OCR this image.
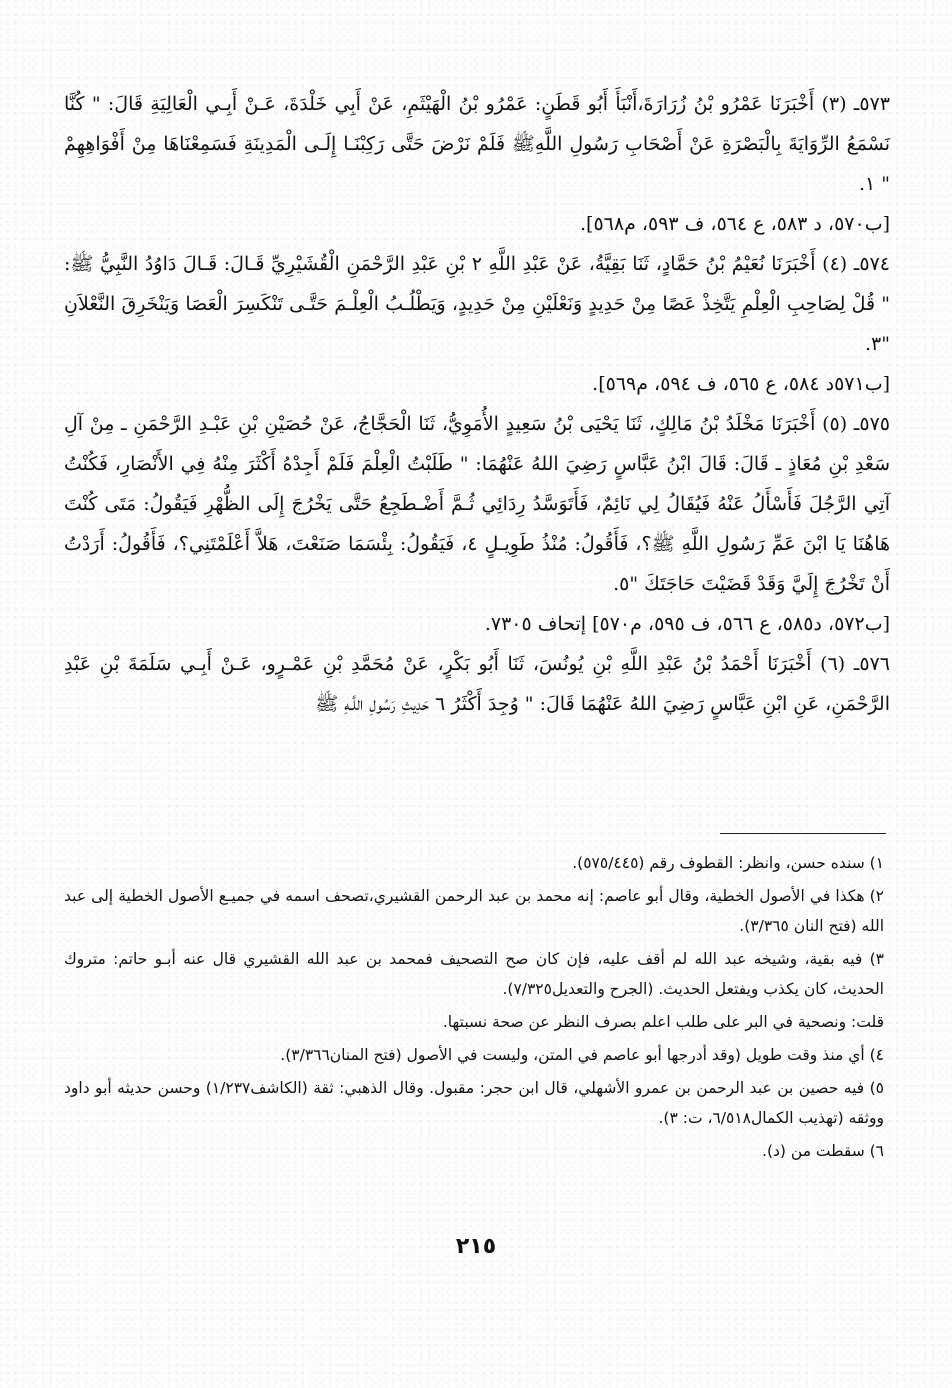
٥٧٣ـ (٣) أَخْبَرَنَا عَمْرُو بْنُ زُرَارَةَ،أَنْبَأَ أَبُو قَطَنٍ: عَمْرُو بْنُ الْهَيْثَمِ، عَنْ أَبِي خَلْدَةَ، عَـنْ أَبِـي الْعَالِيَةِ قَالَ: " كُنَّا نَسْمَعُ الرِّوَايَةَ بِالْبَصْرَةِ عَنْ أَصْحَابِ رَسُولِ اللَّهِﷺ فَلَمْ نَرْضَ حَتَّى رَكِبْنَـا إِلَـى الْمَدِينَةِ فَسَمِعْنَاهَا مِنْ أَفْوَاهِهِمْ " ١.

[ب٥٧٠، د ٥٨٣، ع ٥٦٤، ف ٥٩٣، م٥٦٨].

٥٧٤ـ (٤) أَخْبَرَنَا نُعَيْمُ بْنُ حَمَّادٍ، ثَنَا بَقِيَّةُ، عَنْ عَبْدِ اللَّهِ ٢ بْنِ عَبْدِ الرَّحْمَنِ الْقُشَيْرِيِّ قَـالَ: قَـالَ دَاوُدُ النَّبِيُّ ﷺ: " قُلْ لِصَاحِبِ الْعِلْمِ يَتَّخِذْ عَصًا مِنْ حَدِيدٍ وَنَعْلَيْنِ مِنْ حَدِيدٍ، وَيَطْلُـبُ الْعِلْـمَ حَتَّـى تَنْكَسِرَ الْعَصَا وَيَنْخَرِقَ النَّعْلاَنِ "٣.

[ب٥٧١د ٥٨٤، ع ٥٦٥، ف ٥٩٤، م٥٦٩].

٥٧٥ـ (٥) أَخْبَرَنَا مَخْلَدُ بْنُ مَالِكٍ، ثَنَا يَحْيَى بْنُ سَعِيدٍ الأُمَوِيُّ، ثَنَا الْحَجَّاجُ، عَنْ حُصَيْنِ بْنِ عَبْـدِ الرَّحْمَنِ ـ مِنْ آلِ سَعْدِ بْنِ مُعَاذٍ ـ قَالَ: قَالَ ابْنُ عَبَّاسٍ رَضِيَ اللهُ عَنْهُمَا: " طَلَبْتُ الْعِلْمَ فَلَمْ أَجِدْهُ أَكْثَرَ مِنْهُ فِي الأَنْصَارِ، فَكُنْتُ آتِي الرَّجُلَ فَأَسْأَلُ عَنْهُ فَيُقَالُ لِي نَائِمٌ، فَأَتَوَسَّدُ رِدَائِي ثُـمَّ أَضْـطَجِعُ حَتَّى يَخْرُجَ إِلَى الظُّهْرِ فَيَقُولُ: مَتَى كُنْتَ هَاهُنَا يَا ابْنَ عَمِّ رَسُولِ اللَّهِ ﷺ؟، فَأَقُولُ: مُنْذُ طَوِيـلٍ ٤، فَيَقُولُ: بِئْسَمَا صَنَعْتَ، هَلاَّ أَعْلَمْتَنِي؟، فَأَقُولُ: أَرَدْتُ أَنْ تَخْرُجَ إِلَيَّ وَقَدْ قَضَيْتَ حَاجَتَكَ "٥.

[ب٥٧٢، د٥٨٥، ع ٥٦٦، ف ٥٩٥، م٥٧٠] إتحاف ٧٣٠٥.

٥٧٦ـ (٦) أَخْبَرَنَا أَحْمَدُ بْنُ عَبْدِ اللَّهِ بْنِ يُونُسَ، ثَنَا أَبُو بَكْرٍ، عَنْ مُحَمَّدِ بْنِ عَمْـرٍو، عَـنْ أَبِـي سَلَمَةَ بْنِ عَبْدِ الرَّحْمَنِ، عَنِ ابْنِ عَبَّاسٍ رَضِيَ اللهُ عَنْهُمَا قَالَ: " وُجِدَ أَكْثَرُ ٦ حَدِيثِ رَسُولِ اللَّـهِ ﷺ

١) سنده حسن، وانظر: القطوف رقم (٥٧٥/٤٤٥).

٢) هكذا في الأصول الخطية، وقال أبو عاصم: إنه محمد بن عبد الرحمن القشيري،تصحف اسمه في جميـع الأصول الخطية إلى عبد الله (فتح النان ٣/٣٦٥).

٣) فيه بقية، وشيخه عبد الله لم أقف عليه، فإن كان صح التصحيف فمحمد بن عبد الله القشيري قال عنه أبـو حاتم: متروك الحديث، كان يكذب ويفتعل الحديث. (الجرح والتعديل٧/٣٢٥).

قلت: ونصحية في البر على طلب اعلم بصرف النظر عن صحة نسبتها.

٤) أي منذ وقت طويل (وقد أدرجها أبو عاصم في المتن، وليست في الأصول (فتح المنان٣/٣٦٦).

٥) فيه حصين بن عبد الرحمن بن عمرو الأشهلي، قال ابن حجر: مقبول. وقال الذهبي: ثقة (الكاشف١/٢٣٧) وحسن حديثه أبو داود ووثقه (تهذيب الكمال٦/٥١٨، ت: ٣).

٦) سقطت من (د).

٢١٥
